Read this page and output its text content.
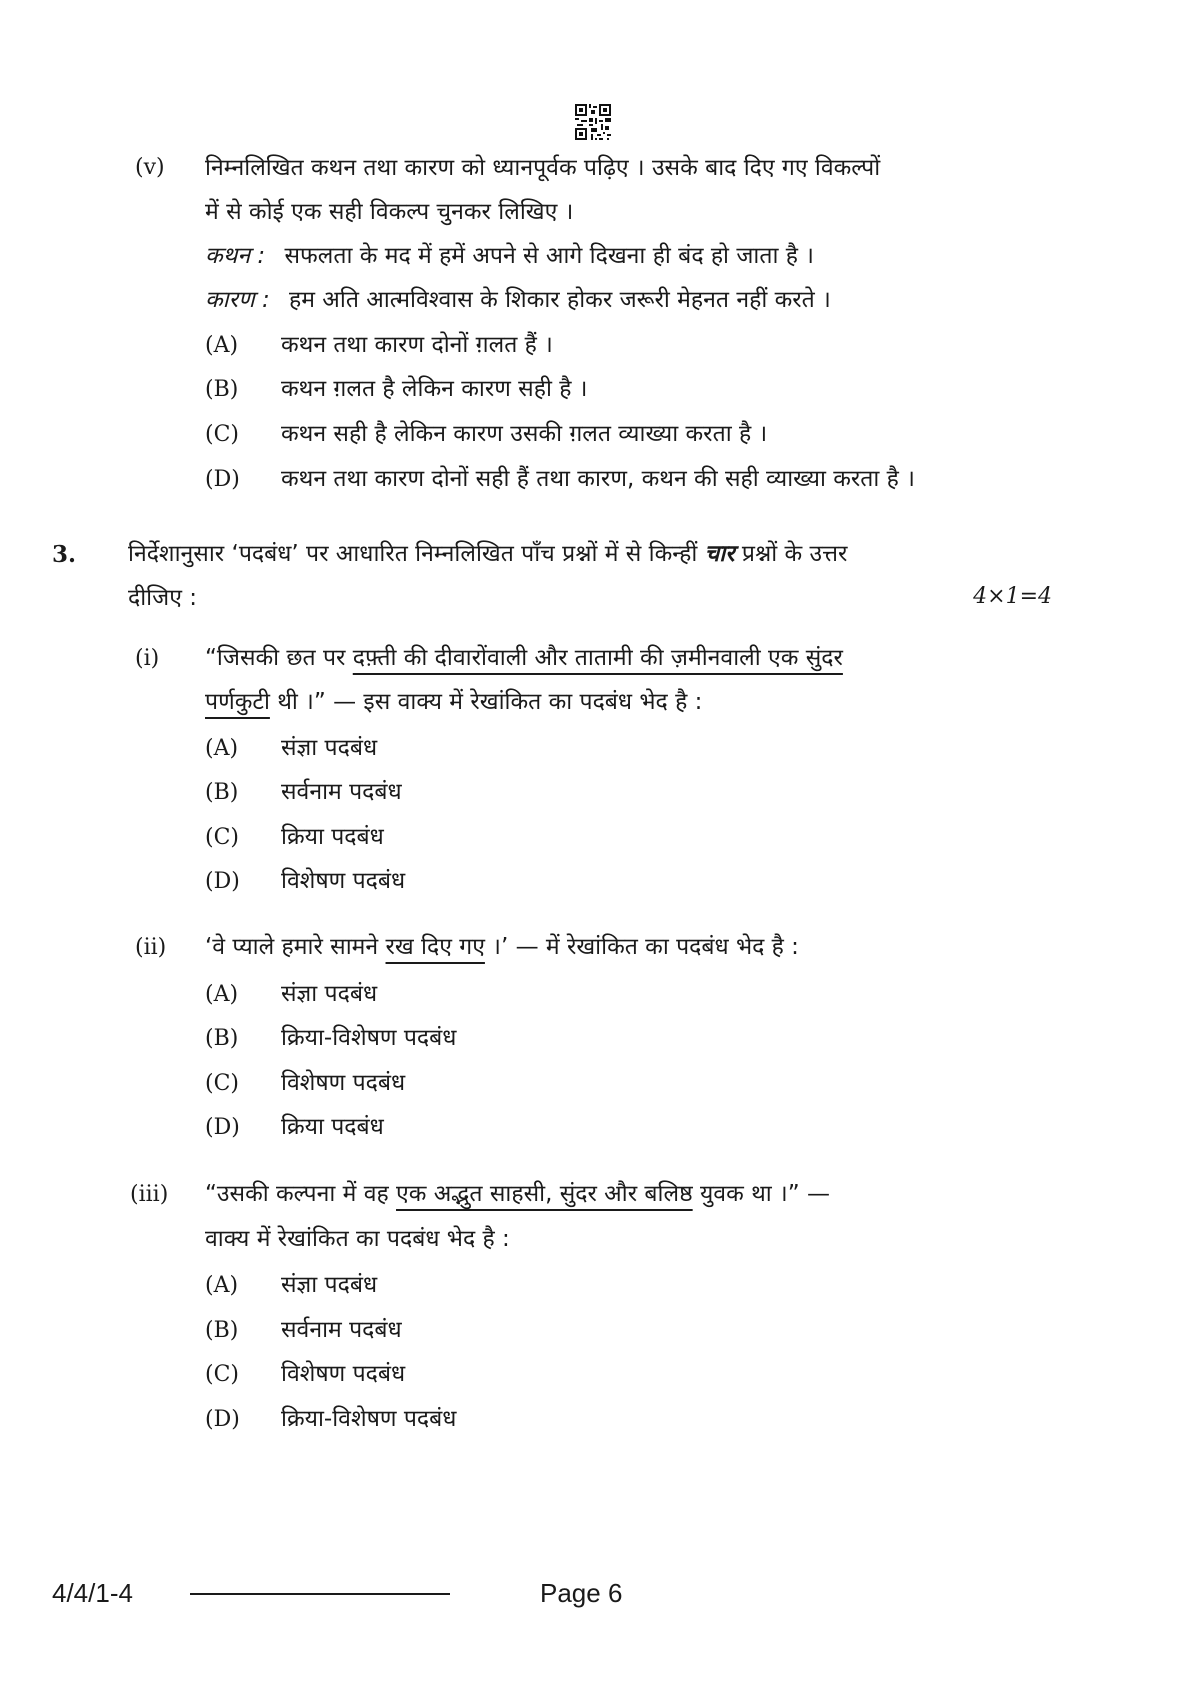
(v) निम्नलिखित कथन तथा कारण को ध्यानपूर्वक पढ़िए । उसके बाद दिए गए विकल्पों
में से कोई एक सही विकल्प चुनकर लिखिए ।
कथन : सफलता के मद में हमें अपने से आगे दिखना ही बंद हो जाता है ।
कारण : हम अति आत्मविश्वास के शिकार होकर जरूरी मेहनत नहीं करते ।
(A) कथन तथा कारण दोनों ग़लत हैं ।
(B) कथन ग़लत है लेकिन कारण सही है ।
(C) कथन सही है लेकिन कारण उसकी ग़लत व्याख्या करता है ।
(D) कथन तथा कारण दोनों सही हैं तथा कारण, कथन की सही व्याख्या करता है ।
3. निर्देशानुसार ‘पदबंध’ पर आधारित निम्नलिखित पाँच प्रश्नों में से किन्हीं चार प्रश्नों के उत्तर
दीजिए :	4×1=4
(i) “जिसकी छत पर दफ़्ती की दीवारोंवाली और तातामी की ज़मीनवाली एक सुंदर
पर्णकुटी थी ।” — इस वाक्य में रेखांकित का पदबंध भेद है :
(A) संज्ञा पदबंध
(B) सर्वनाम पदबंध
(C) क्रिया पदबंध
(D) विशेषण पदबंध
(ii) ‘वे प्याले हमारे सामने रख दिए गए ।’ — में रेखांकित का पदबंध भेद है :
(A) संज्ञा पदबंध
(B) क्रिया-विशेषण पदबंध
(C) विशेषण पदबंध
(D) क्रिया पदबंध
(iii) “उसकी कल्पना में वह एक अद्भुत साहसी, सुंदर और बलिष्ठ युवक था ।” —
वाक्य में रेखांकित का पदबंध भेद है :
(A) संज्ञा पदबंध
(B) सर्वनाम पदबंध
(C) विशेषण पदबंध
(D) क्रिया-विशेषण पदबंध
4/4/1-4	Page 6
